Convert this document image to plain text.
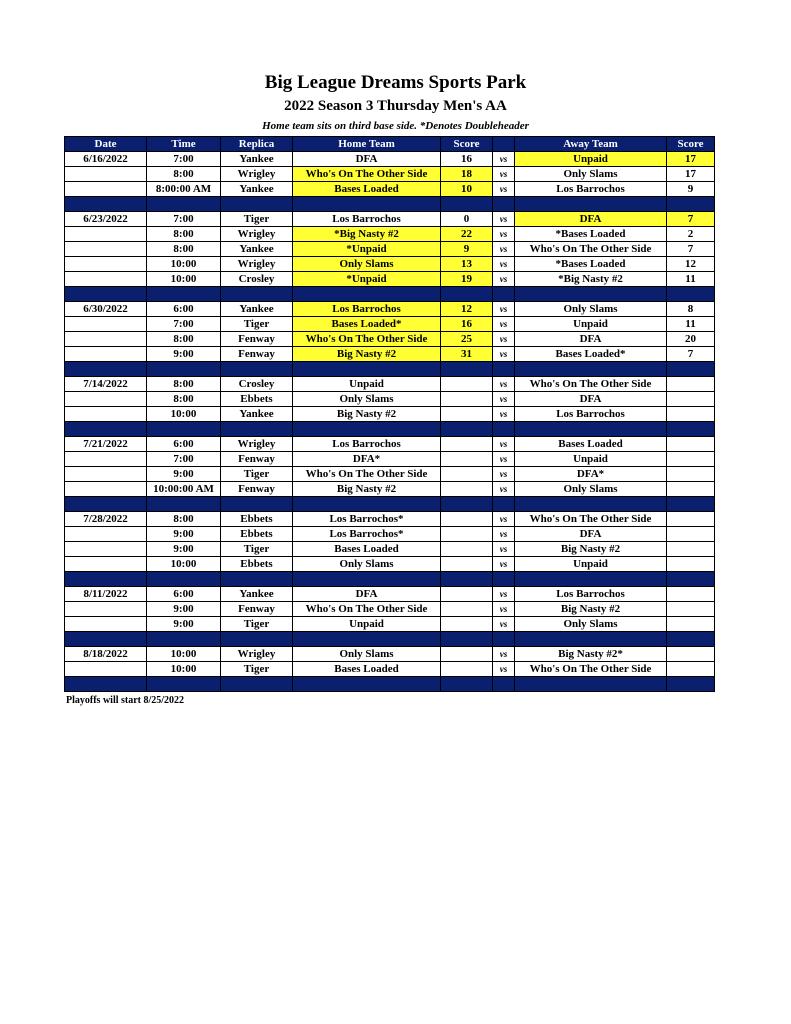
Big League Dreams Sports Park
2022 Season 3 Thursday Men's AA
Home team sits on third base side. *Denotes Doubleheader
Date	Time	Replica	Home Team	Score		Away Team	Score
6/16/2022	7:00	Yankee	DFA	16	vs	Unpaid	17
	8:00	Wrigley	Who's On The Other Side	18	vs	Only Slams	17
	8:00:00 AM	Yankee	Bases Loaded	10	vs	Los Barrochos	9

6/23/2022	7:00	Tiger	Los Barrochos	0	vs	DFA	7
	8:00	Wrigley	*Big Nasty #2	22	vs	*Bases Loaded	2
	8:00	Yankee	*Unpaid	9	vs	Who's On The Other Side	7
	10:00	Wrigley	Only Slams	13	vs	*Bases Loaded	12
	10:00	Crosley	*Unpaid	19	vs	*Big Nasty #2	11

6/30/2022	6:00	Yankee	Los Barrochos	12	vs	Only Slams	8
	7:00	Tiger	Bases Loaded*	16	vs	Unpaid	11
	8:00	Fenway	Who's On The Other Side	25	vs	DFA	20
	9:00	Fenway	Big Nasty #2	31	vs	Bases Loaded*	7

7/14/2022	8:00	Crosley	Unpaid		vs	Who's On The Other Side	
	8:00	Ebbets	Only Slams		vs	DFA	
	10:00	Yankee	Big Nasty #2		vs	Los Barrochos	

7/21/2022	6:00	Wrigley	Los Barrochos		vs	Bases Loaded	
	7:00	Fenway	DFA*		vs	Unpaid	
	9:00	Tiger	Who's On The Other Side		vs	DFA*	
	10:00:00 AM	Fenway	Big Nasty #2		vs	Only Slams	

7/28/2022	8:00	Ebbets	Los Barrochos*		vs	Who's On The Other Side	
	9:00	Ebbets	Los Barrochos*		vs	DFA	
	9:00	Tiger	Bases Loaded		vs	Big Nasty #2	
	10:00	Ebbets	Only Slams		vs	Unpaid	

8/11/2022	6:00	Yankee	DFA		vs	Los Barrochos	
	9:00	Fenway	Who's On The Other Side		vs	Big Nasty #2	
	9:00	Tiger	Unpaid		vs	Only Slams	

8/18/2022	10:00	Wrigley	Only Slams		vs	Big Nasty #2*	
	10:00	Tiger	Bases Loaded		vs	Who's On The Other Side	

Playoffs will start 8/25/2022
